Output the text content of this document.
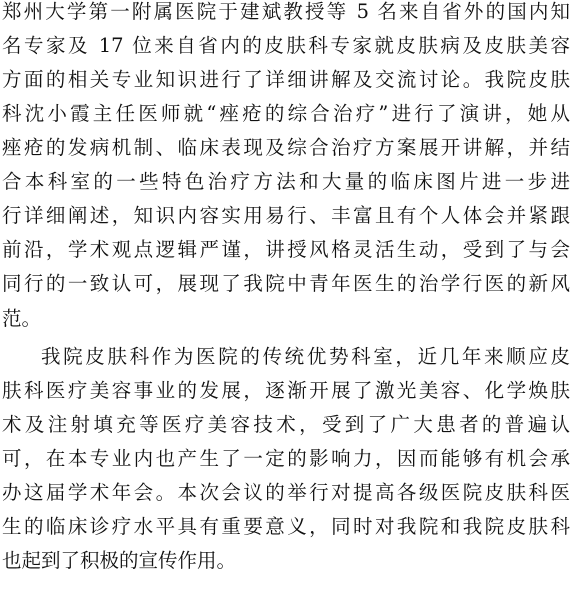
郑州大学第一附属医院于建斌教授等 5 名来自省外的国内知
名专家及 17 位来自省内的皮肤科专家就皮肤病及皮肤美容
方面的相关专业知识进行了详细讲解及交流讨论。我院皮肤
科沈小霞主任医师就“痤疮的综合治疗”进行了演讲，她从
痤疮的发病机制、临床表现及综合治疗方案展开讲解，并结
合本科室的一些特色治疗方法和大量的临床图片进一步进
行详细阐述，知识内容实用易行、丰富且有个人体会并紧跟
前沿，学术观点逻辑严谨，讲授风格灵活生动，受到了与会
同行的一致认可，展现了我院中青年医生的治学行医的新风
范。
我院皮肤科作为医院的传统优势科室，近几年来顺应皮
肤科医疗美容事业的发展，逐渐开展了激光美容、化学焕肤
术及注射填充等医疗美容技术，受到了广大患者的普遍认
可，在本专业内也产生了一定的影响力，因而能够有机会承
办这届学术年会。本次会议的举行对提高各级医院皮肤科医
生的临床诊疗水平具有重要意义，同时对我院和我院皮肤科
也起到了积极的宣传作用。
